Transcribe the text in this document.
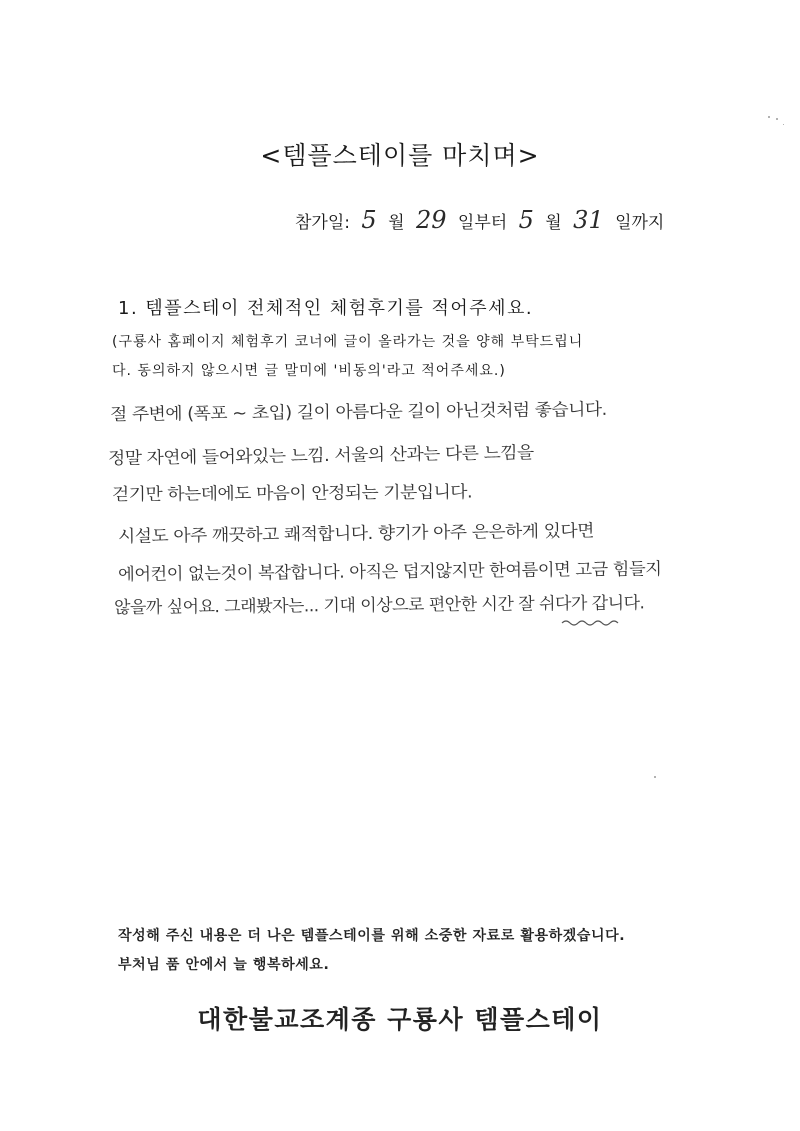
<템플스테이를 마치며>
참가일: 5 월 29 일부터 5 월 31 일까지
1. 템플스테이 전체적인 체험후기를 적어주세요.
(구룡사 홈페이지 체험후기 코너에 글이 올라가는 것을 양해 부탁드립니
다. 동의하지 않으시면 글 말미에 '비동의'라고 적어주세요.)
절 주변에 (폭포 ~ 초입) 길이 아름다운 길이 아닌것처럼 좋습니다.
정말 자연에 들어와있는 느낌. 서울의 산과는 다른 느낌을
걷기만 하는데에도 마음이 안정되는 기분입니다.
시설도 아주 깨끗하고 쾌적합니다. 향기가 아주 은은하게 있다면
에어컨이 없는것이 복잡합니다. 아직은 덥지않지만 한여름이면 고금 힘들지
않을까 싶어요. 그래봤자는... 기대 이상으로 편안한 시간 잘 쉬다가 갑니다.
작성해 주신 내용은 더 나은 템플스테이를 위해 소중한 자료로 활용하겠습니다.
부처님 품 안에서 늘 행복하세요.
대한불교조계종 구룡사 템플스테이
